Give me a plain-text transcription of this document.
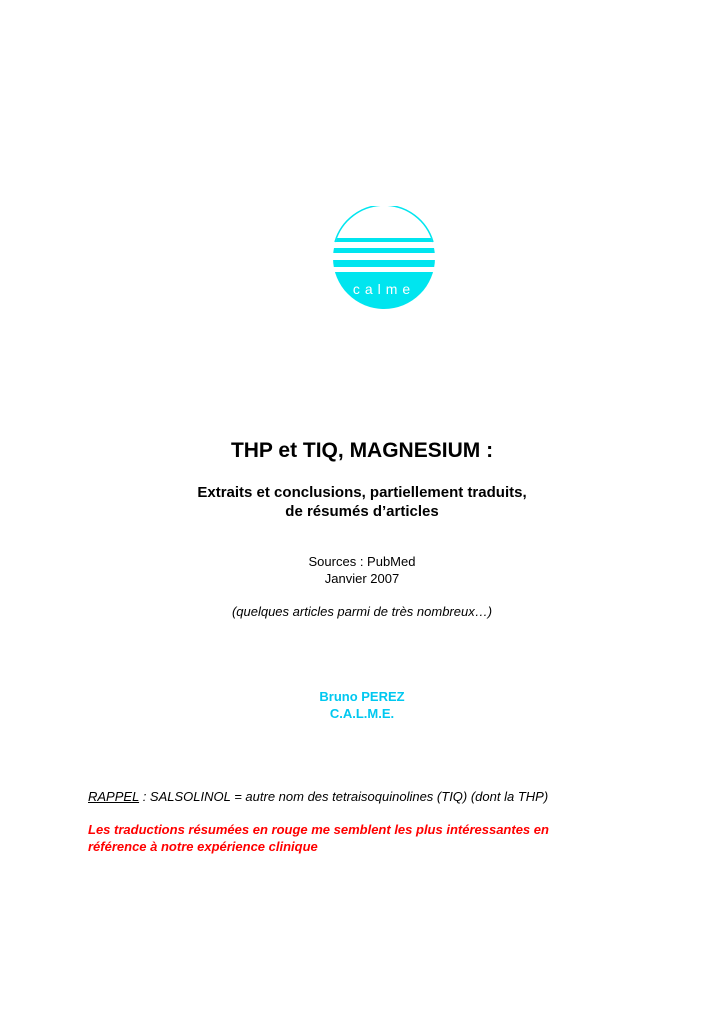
calme
THP et TIQ, MAGNESIUM :
Extraits et conclusions, partiellement traduits,
de résumés d’articles
Sources : PubMed
Janvier 2007
(quelques articles parmi de très nombreux…)
Bruno PEREZ
C.A.L.M.E.
RAPPEL : SALSOLINOL = autre nom des tetraisoquinolines (TIQ) (dont la THP)
Les traductions résumées en rouge me semblent les plus intéressantes en
référence à notre expérience clinique
